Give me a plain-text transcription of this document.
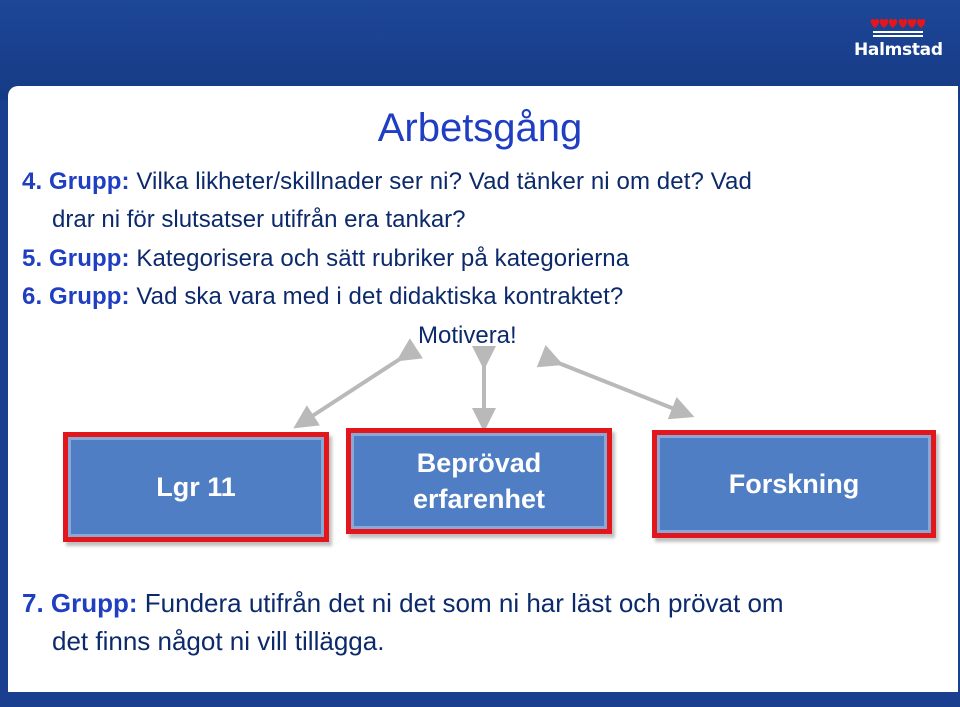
Halmstad
Arbetsgång
4. Grupp: Vilka likheter/skillnader ser ni? Vad tänker ni om det? Vad
drar ni för slutsatser utifrån era tankar?
5. Grupp: Kategorisera och sätt rubriker på kategorierna
6. Grupp: Vad ska vara med i det didaktiska kontraktet?
Motivera!
Lgr 11
Beprövad
erfarenhet	Forskning
7. Grupp: Fundera utifrån det ni det som ni har läst och prövat om
det finns något ni vill tillägga.
